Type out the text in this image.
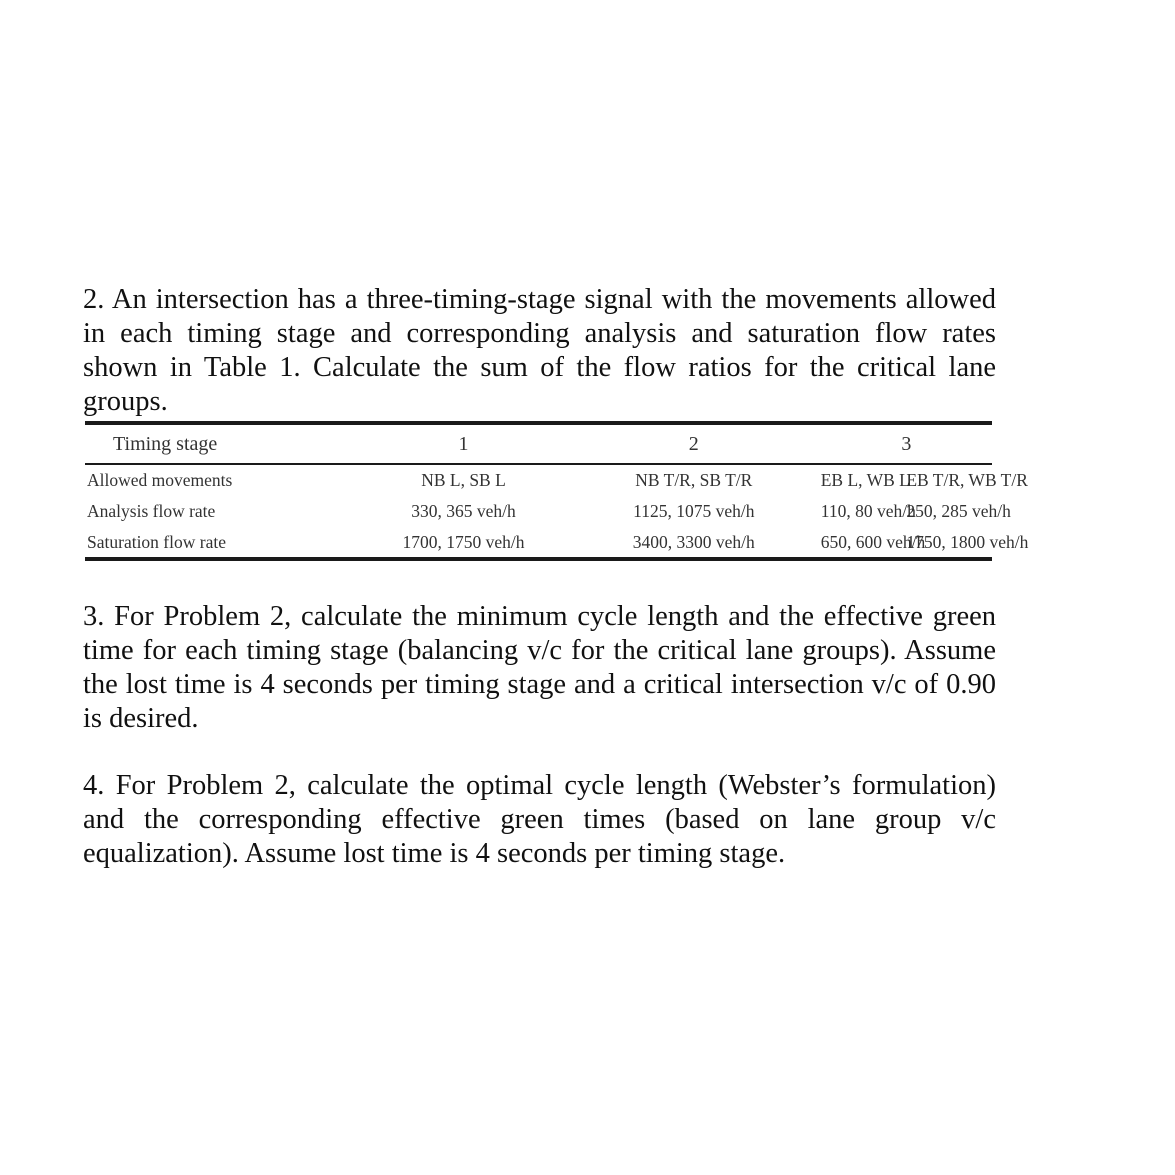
2. An intersection has a three-timing-stage signal with the movements allowed in each timing stage and corresponding analysis and saturation flow rates shown in Table 1. Calculate the sum of the flow ratios for the critical lane groups.

Timing stage	1	2	3	

Allowed movements	NB L, SB L	NB T/R, SB T/R	EB L, WB L	EB T/R, WB T/R
Analysis flow rate	330, 365 veh/h	1125, 1075 veh/h	110, 80 veh/h	250, 285 veh/h
Saturation flow rate	1700, 1750 veh/h	3400, 3300 veh/h	650, 600 veh/h	1750, 1800 veh/h

3. For Problem 2, calculate the minimum cycle length and the effective green time for each timing stage (balancing v/c for the critical lane groups). Assume the lost time is 4 seconds per timing stage and a critical intersection v/c of 0.90 is desired.

4. For Problem 2, calculate the optimal cycle length (Webster’s formulation) and the corresponding effective green times (based on lane group v/c equalization). Assume lost time is 4 seconds per timing stage.
